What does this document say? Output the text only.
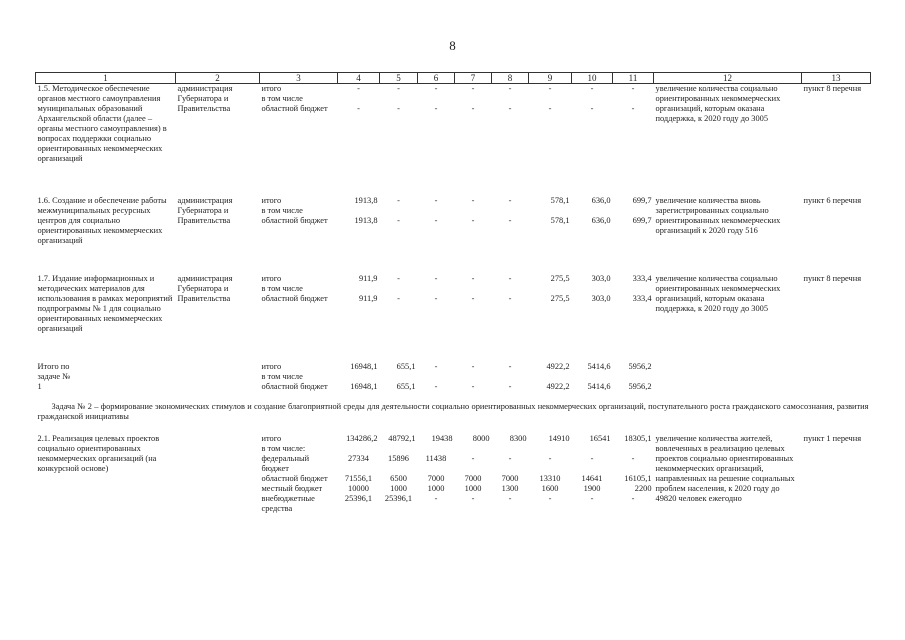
8
1	2	3	4	5	6	7	8	9	10	11	12	13
1.5. Методическое обеспечение органов местного самоуправления муниципальных образований Архангельской области (далее – органы местного самоуправления) в вопросах поддержки социально ориентированных некоммерческих организаций	администрация Губернатора и Правительства	итого	-	-	-	-	-	-	-	-	увеличение количества социально ориентированных некоммерческих организаций, которым оказана поддержка, к 2020 году до 3005	пункт 8 перечня
		в том числе										
		областной бюджет	-	-	-	-	-	-	-	-		

1.6. Создание и обеспечение работы межмуниципальных ресурсных центров для социально ориентированных некоммерческих организаций	администрация Губернатора и Правительства	итого	1913,8	-	-	-	-	578,1	636,0	699,7	увеличение количества вновь зарегистрированных социально ориентированных некоммерческих организаций к 2020 году 516	пункт 6 перечня
		в том числе										
		областной бюджет	1913,8	-	-	-	-	578,1	636,0	699,7		

1.7. Издание информационных и методических материалов для использования в рамках мероприятий подпрограммы № 1 для социально ориентированных некоммерческих организаций	администрация Губернатора и Правительства	итого	911,9	-	-	-	-	275,5	303,0	333,4	увеличение количества социально ориентированных некоммерческих организаций, которым оказана поддержка, к 2020 году до 3005	пункт 8 перечня
		в том числе										
		областной бюджет	911,9	-	-	-	-	275,5	303,0	333,4		

Итого по задаче № 1		итого	16948,1	655,1	-	-	-	4922,2	5414,6	5956,2		
		в том числе										
		областной бюджет	16948,1	655,1	-	-	-	4922,2	5414,6	5956,2		

Задача № 2 – формирование экономических стимулов и создание благоприятной среды для деятельности социально ориентированных некоммерческих организаций, поступательного роста гражданского самосознания, развития гражданской инициативы												

2.1. Реализация целевых проектов социально ориентированных некоммерческих организаций (на конкурсной основе)		итого	134286,2	48792,1	19438	8000	8300	14910	16541	18305,1	увеличение количества жителей, вовлеченных в реализацию целевых проектов социально ориентированных некоммерческих организаций, направленных на решение социальных проблем населения, к 2020 году до 49820 человек ежегодно	пункт 1 перечня
		в том числе:										
		федеральный бюджет	27334	15896	11438	-	-	-	-	-		
		областной бюджет	71556,1	6500	7000	7000	7000	13310	14641	16105,1		
		местный бюджет	10000	1000	1000	1000	1300	1600	1900	2200		
		внебюджетные средства	25396,1	25396,1	-	-	-	-	-	-		
